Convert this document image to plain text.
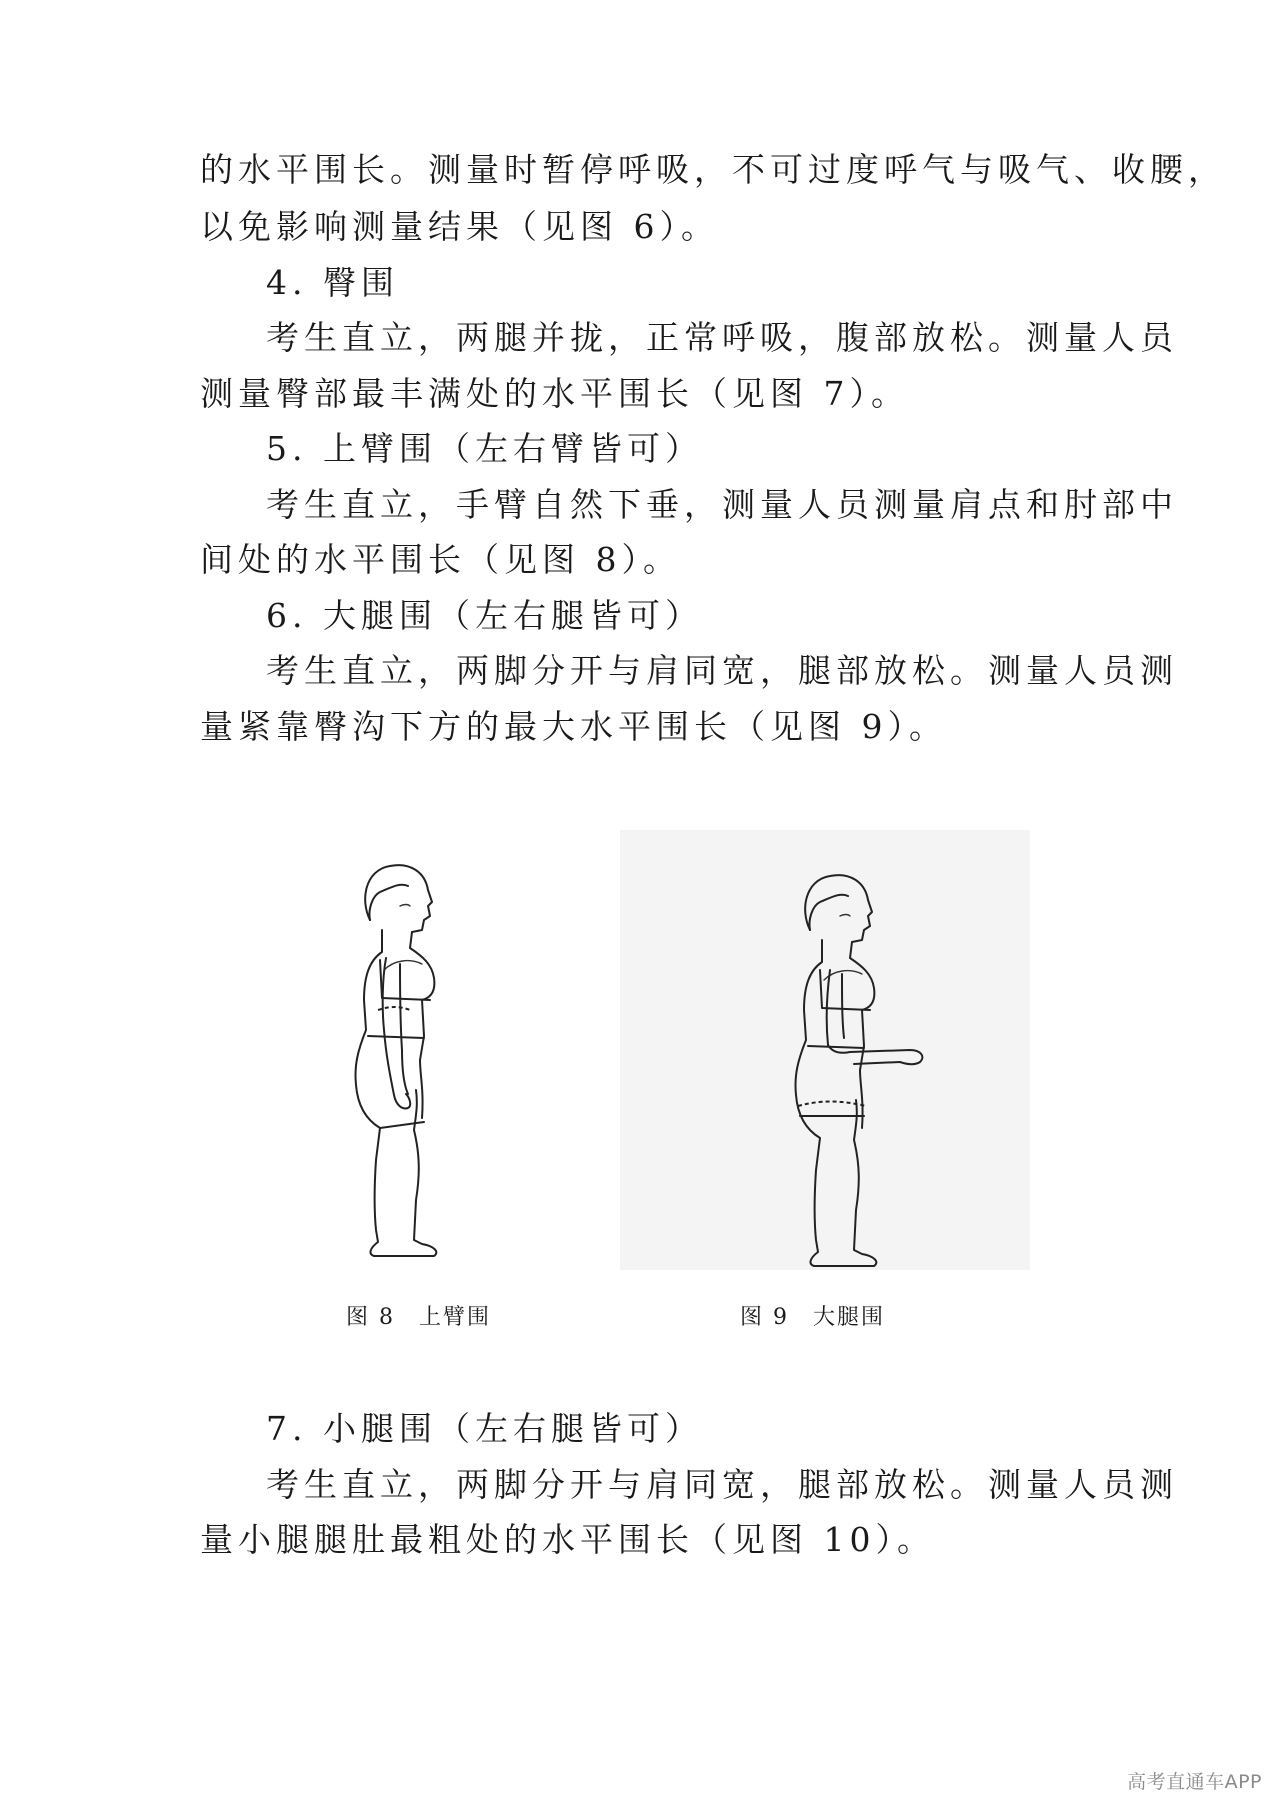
的水平围长。测量时暂停呼吸，不可过度呼气与吸气、收腰，
以免影响测量结果（见图 6）。
4. 臀围
考生直立，两腿并拢，正常呼吸，腹部放松。测量人员
测量臀部最丰满处的水平围长（见图 7）。
5. 上臂围（左右臂皆可）
考生直立，手臂自然下垂，测量人员测量肩点和肘部中
间处的水平围长（见图 8）。
6. 大腿围（左右腿皆可）
考生直立，两脚分开与肩同宽，腿部放松。测量人员测
量紧靠臀沟下方的最大水平围长（见图 9）。
图 8　上臂围	图 9　大腿围
7. 小腿围（左右腿皆可）
考生直立，两脚分开与肩同宽，腿部放松。测量人员测
量小腿腿肚最粗处的水平围长（见图 10）。
高考直通车APP
